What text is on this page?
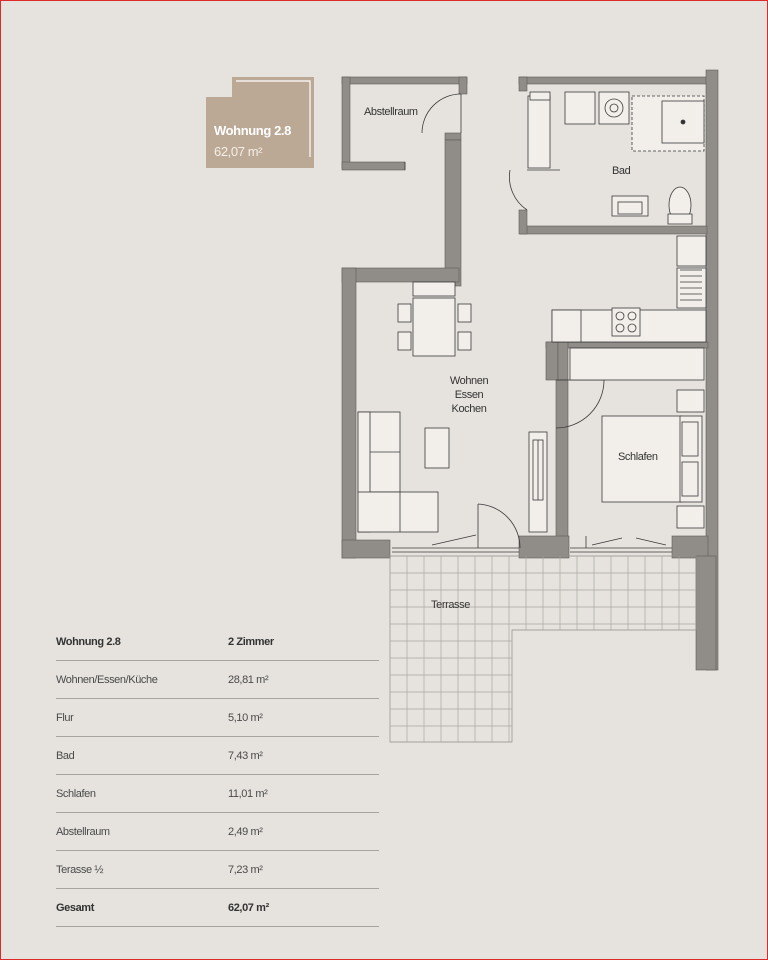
Wohnung 2.8
62,07 m²
Abstellraum
Bad
Wohnen
Essen
Kochen
Schlafen
Terrasse
Wohnung 2.8	2 Zimmer
Wohnen/Essen/Küche	28,81 m²
Flur	5,10 m²
Bad	7,43 m²
Schlafen	11,01 m²
Abstellraum	2,49 m²
Terasse ½	7,23 m²
Gesamt	62,07 m²
